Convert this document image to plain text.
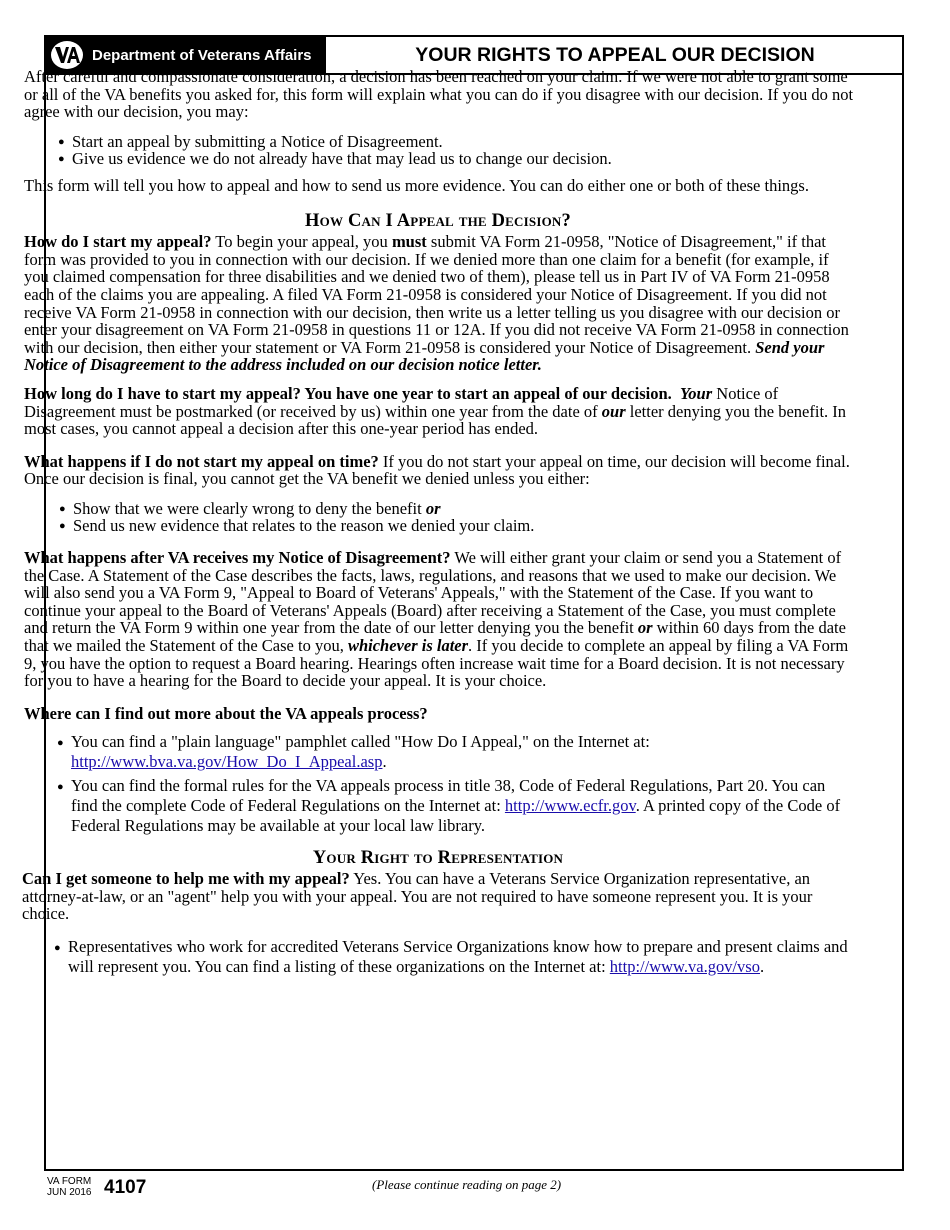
Department of Veterans Affairs	YOUR RIGHTS TO APPEAL OUR DECISION

After careful and compassionate consideration, a decision has been reached on your claim. If we were not able to grant some or all of the VA benefits you asked for, this form will explain what you can do if you disagree with our decision. If you do not agree with our decision, you may:

● Start an appeal by submitting a Notice of Disagreement.
● Give us evidence we do not already have that may lead us to change our decision.

This form will tell you how to appeal and how to send us more evidence. You can do either one or both of these things.

How Can I Appeal the Decision?

How do I start my appeal? To begin your appeal, you must submit VA Form 21-0958, "Notice of Disagreement," if that form was provided to you in connection with our decision. If we denied more than one claim for a benefit (for example, if you claimed compensation for three disabilities and we denied two of them), please tell us in Part IV of VA Form 21-0958 each of the claims you are appealing. A filed VA Form 21-0958 is considered your Notice of Disagreement. If you did not receive VA Form 21-0958 in connection with our decision, then write us a letter telling us you disagree with our decision or enter your disagreement on VA Form 21-0958 in questions 11 or 12A. If you did not receive VA Form 21-0958 in connection with our decision, then either your statement or VA Form 21-0958 is considered your Notice of Disagreement. Send your Notice of Disagreement to the address included on our decision notice letter.

How long do I have to start my appeal? You have one year to start an appeal of our decision. Your Notice of Disagreement must be postmarked (or received by us) within one year from the date of our letter denying you the benefit. In most cases, you cannot appeal a decision after this one-year period has ended.

What happens if I do not start my appeal on time? If you do not start your appeal on time, our decision will become final. Once our decision is final, you cannot get the VA benefit we denied unless you either:

● Show that we were clearly wrong to deny the benefit or
● Send us new evidence that relates to the reason we denied your claim.

What happens after VA receives my Notice of Disagreement? We will either grant your claim or send you a Statement of the Case. A Statement of the Case describes the facts, laws, regulations, and reasons that we used to make our decision. We will also send you a VA Form 9, "Appeal to Board of Veterans' Appeals," with the Statement of the Case. If you want to continue your appeal to the Board of Veterans' Appeals (Board) after receiving a Statement of the Case, you must complete and return the VA Form 9 within one year from the date of our letter denying you the benefit or within 60 days from the date that we mailed the Statement of the Case to you, whichever is later. If you decide to complete an appeal by filing a VA Form 9, you have the option to request a Board hearing. Hearings often increase wait time for a Board decision. It is not necessary for you to have a hearing for the Board to decide your appeal. It is your choice.

Where can I find out more about the VA appeals process?

● You can find a "plain language" pamphlet called "How Do I Appeal," on the Internet at: http://www.bva.va.gov/How_Do_I_Appeal.asp.
● You can find the formal rules for the VA appeals process in title 38, Code of Federal Regulations, Part 20. You can find the complete Code of Federal Regulations on the Internet at: http://www.ecfr.gov. A printed copy of the Code of Federal Regulations may be available at your local law library.
Your Right to Representation

Can I get someone to help me with my appeal? Yes. You can have a Veterans Service Organization representative, an attorney-at-law, or an "agent" help you with your appeal. You are not required to have someone represent you. It is your choice.

● Representatives who work for accredited Veterans Service Organizations know how to prepare and present claims and will represent you. You can find a listing of these organizations on the Internet at: http://www.va.gov/vso.
VA FORM
JUN 2016 4107	(Please continue reading on page 2)
